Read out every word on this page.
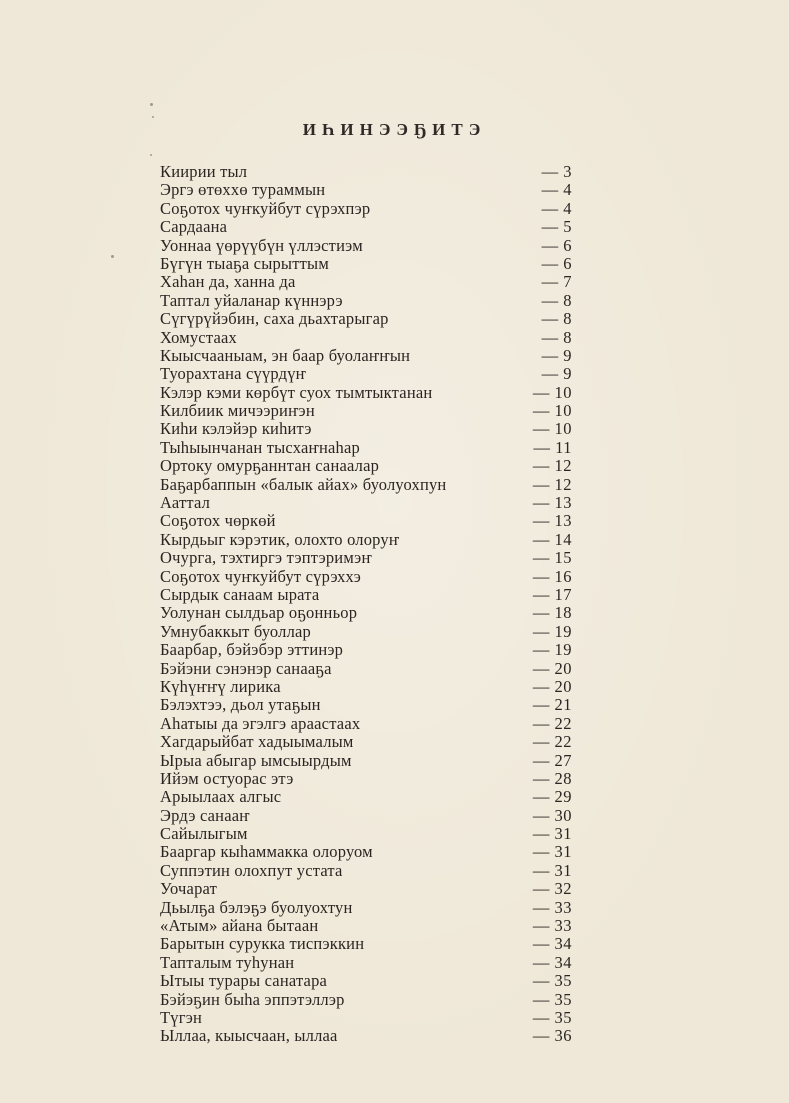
ИҺИНЭЭҔИТЭ
Киирии тыл	— 3
Эргэ өтөххө тураммын	— 4
Соҕотох чуҥкуйбут сүрэхпэр	— 4
Сардаана	— 5
Уоннаа үөрүүбүн үллэстиэм	— 6
Бүгүн тыаҕа сырыттым	— 6
Хаһан да, ханна да	— 7
Таптал уйаланар күннэрэ	— 8
Сүгүрүйэбин, саха дьахтарыгар	— 8
Хомустаах	— 8
Кыысчааныам, эн баар буолаҥҥын	— 9
Туорахтана сүүрдүҥ	— 9
Кэлэр кэми көрбүт суох тымтыктанан	— 10
Килбиик мичээриҥэн	— 10
Киһи кэлэйэр киһитэ	— 10
Тыһыынчанан тысхаҥнаһар	— 11
Ортоку омурҕаннтан санаалар	— 12
Баҕарбаппын «балык айах» буолуохпун	— 12
Ааттал	— 13
Соҕотох чөркөй	— 13
Кырдьыг кэрэтик, олохто олоруҥ	— 14
Очурга, тэхтиргэ тэптэримэҥ	— 15
Соҕотох чуҥкуйбут сүрэххэ	— 16
Сырдык санаам ырата	— 17
Уолунан сылдьар оҕонньор	— 18
Умнубаккыт буоллар	— 19
Баарбар, бэйэбэр эттинэр	— 19
Бэйэни сэнэнэр санааҕа	— 20
Күһүҥҥү лирика	— 20
Бэлэхтээ, дьол утаҕын	— 21
Аһатыы да эгэлгэ арaастаах	— 22
Хагдарыйбат хадыымалым	— 22
Ырыа абыгар ымсыырдым	— 27
Ийэм остуорас этэ	— 28
Арыылаах алгыс	— 29
Эрдэ санааҥ	— 30
Сайылыгым	— 31
Бааргар кыһаммакка олоруом	— 31
Суппэтин олохпут устата	— 31
Уочарат	— 32
Дьылҕа бэлэҕэ буолуохтун	— 33
«Атым» айана бытаан	— 33
Барытын сурукка тиспэккин	— 34
Тапталым туһунан	— 34
Ытыы турары санатара	— 35
Бэйэҕин быһа эппэтэллэр	— 35
Түгэн	— 35
Ыллаа, кыысчаан, ыллаа	— 36
